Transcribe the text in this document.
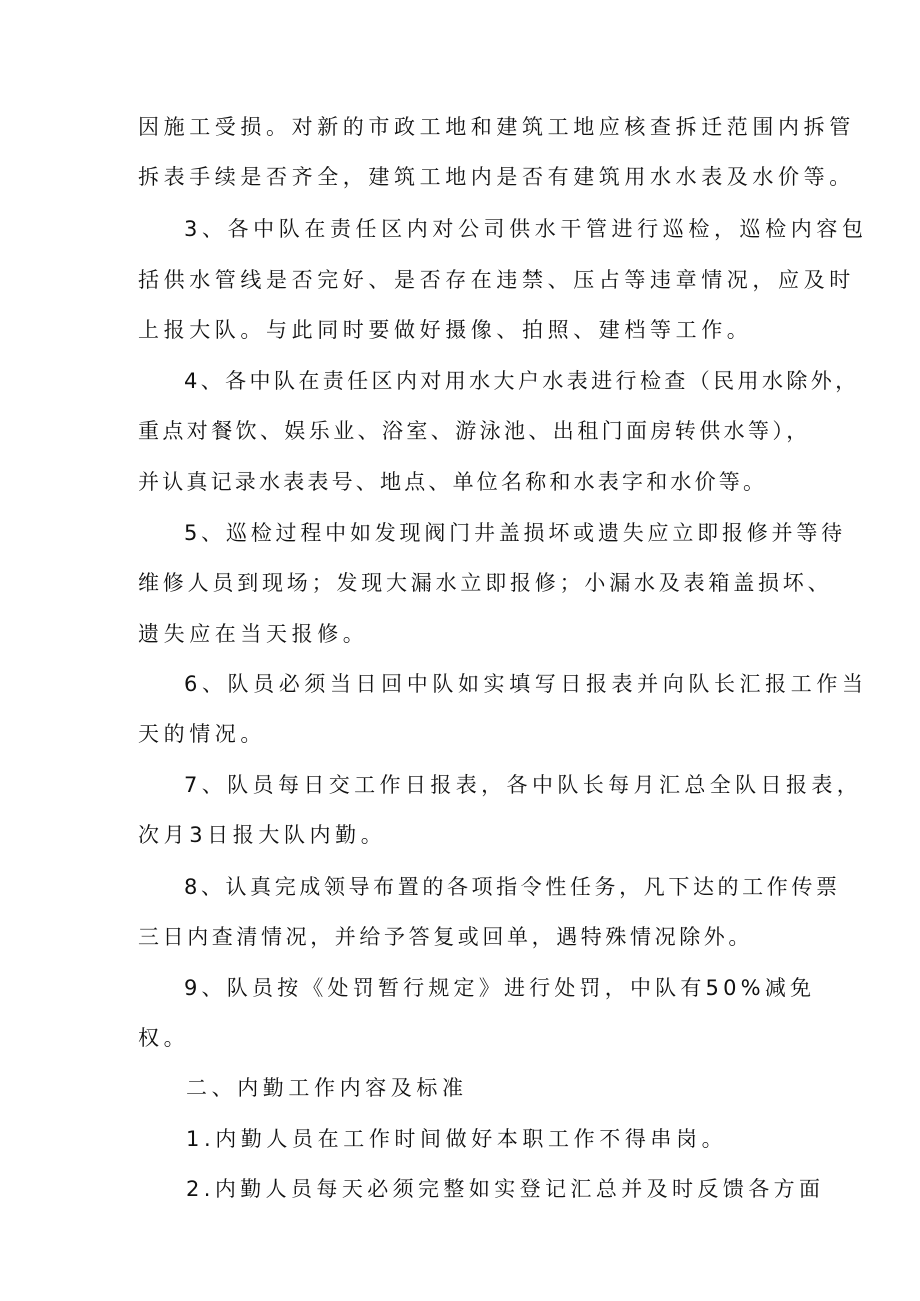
因施工受损。对新的市政工地和建筑工地应核查拆迁范围内拆管
拆表手续是否齐全，建筑工地内是否有建筑用水水表及水价等。
3、各中队在责任区内对公司供水干管进行巡检，巡检内容包
括供水管线是否完好、是否存在违禁、压占等违章情况，应及时
上报大队。与此同时要做好摄像、拍照、建档等工作。
4、各中队在责任区内对用水大户水表进行检查（民用水除外，
重点对餐饮、娱乐业、浴室、游泳池、出租门面房转供水等），
并认真记录水表表号、地点、单位名称和水表字和水价等。
5、巡检过程中如发现阀门井盖损坏或遗失应立即报修并等待
维修人员到现场；发现大漏水立即报修；小漏水及表箱盖损坏、
遗失应在当天报修。
6、队员必须当日回中队如实填写日报表并向队长汇报工作当
天的情况。
7、队员每日交工作日报表，各中队长每月汇总全队日报表，
次月3日报大队内勤。
8、认真完成领导布置的各项指令性任务，凡下达的工作传票
三日内查清情况，并给予答复或回单，遇特殊情况除外。
9、队员按《处罚暂行规定》进行处罚，中队有50%减免
权。
二、内勤工作内容及标准
1.内勤人员在工作时间做好本职工作不得串岗。
2.内勤人员每天必须完整如实登记汇总并及时反馈各方面
